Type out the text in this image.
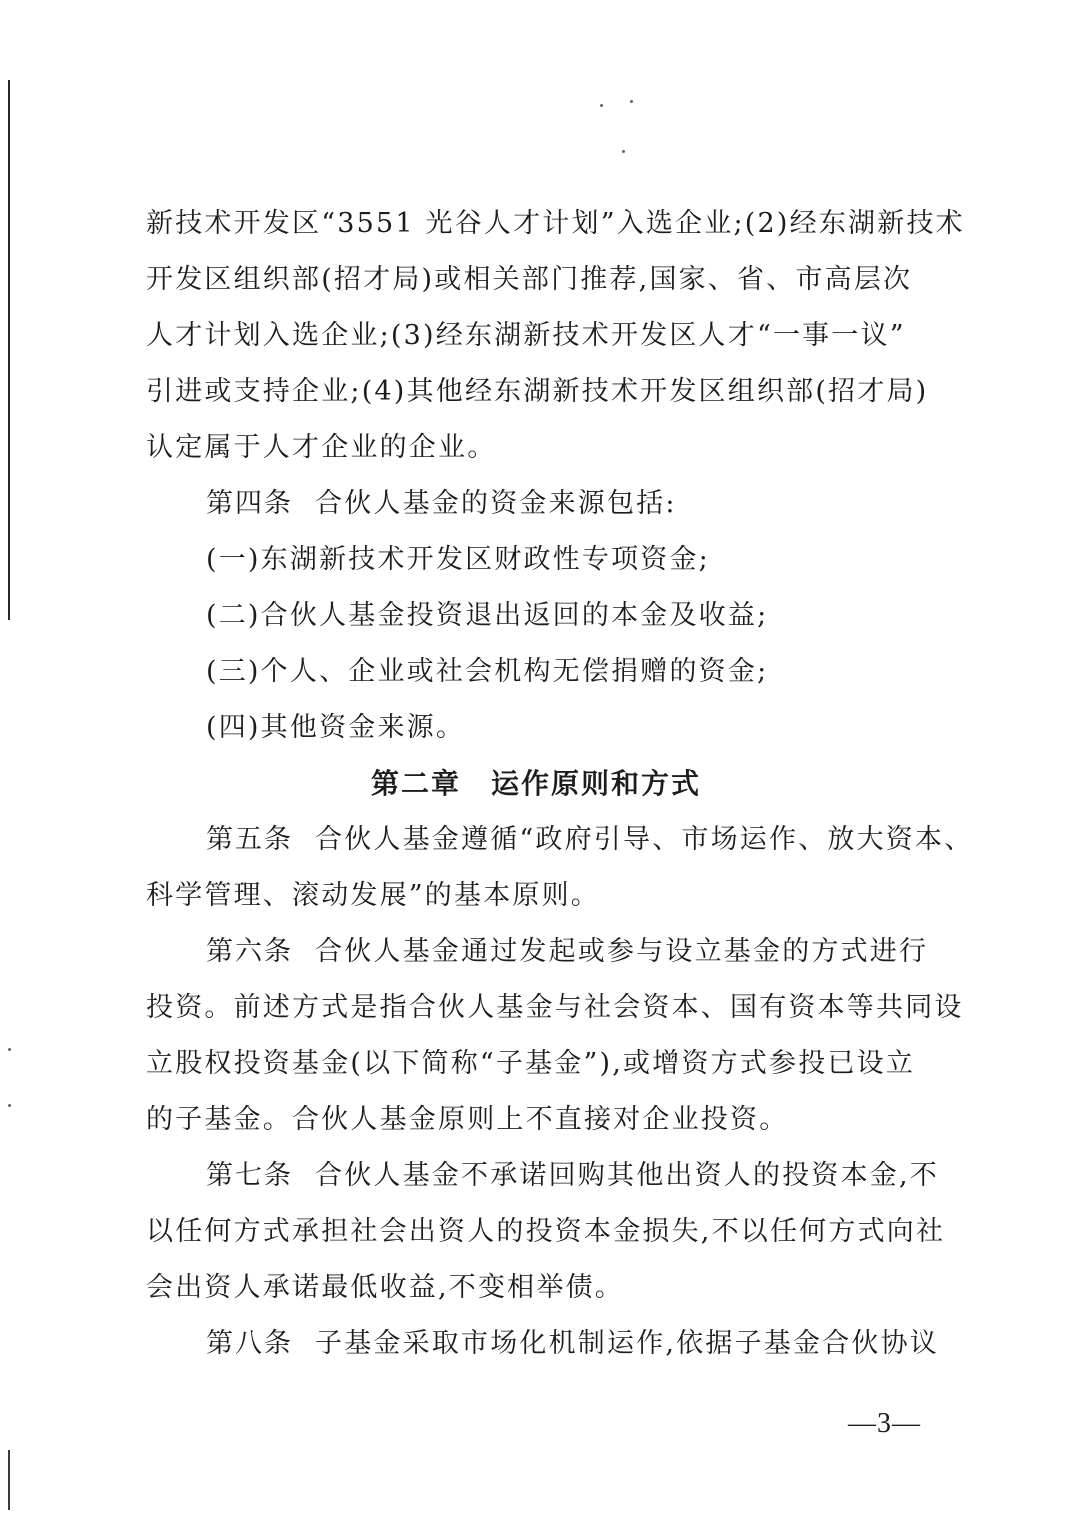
新技术开发区“3551 光谷人才计划”入选企业;(2)经东湖新技术
开发区组织部(招才局)或相关部门推荐,国家、省、市高层次
人才计划入选企业;(3)经东湖新技术开发区人才“一事一议”
引进或支持企业;(4)其他经东湖新技术开发区组织部(招才局)
认定属于人才企业的企业。
第四条 合伙人基金的资金来源包括:
(一)东湖新技术开发区财政性专项资金;
(二)合伙人基金投资退出返回的本金及收益;
(三)个人、企业或社会机构无偿捐赠的资金;
(四)其他资金来源。
第二章 运作原则和方式
第五条 合伙人基金遵循“政府引导、市场运作、放大资本、
科学管理、滚动发展”的基本原则。
第六条 合伙人基金通过发起或参与设立基金的方式进行
投资。前述方式是指合伙人基金与社会资本、国有资本等共同设
立股权投资基金(以下简称“子基金”),或增资方式参投已设立
的子基金。合伙人基金原则上不直接对企业投资。
第七条 合伙人基金不承诺回购其他出资人的投资本金,不
以任何方式承担社会出资人的投资本金损失,不以任何方式向社
会出资人承诺最低收益,不变相举债。
第八条 子基金采取市场化机制运作,依据子基金合伙协议
—3—
